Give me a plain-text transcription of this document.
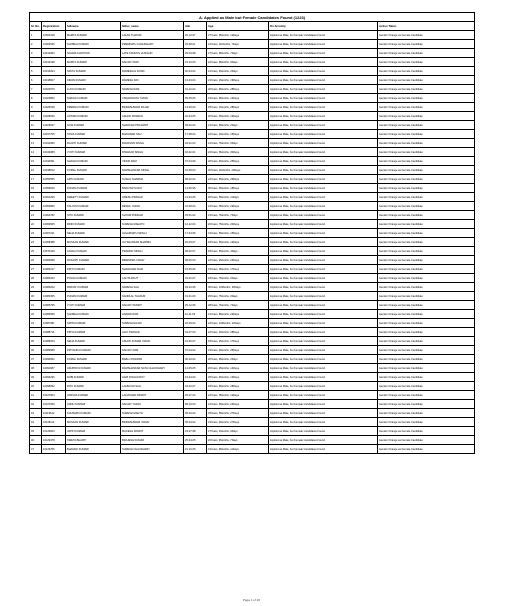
A. Applied as Male but Female Candidates Found (1223)							
Sl. No.	Registration	fullname	father_name	dob	Age	On Scrutiny	Action Taken
1	10004318	MAMTA KUMARI	LALAN THAKUR	20-12-97	27Years, 9Months, 12Days	Applied as Male, but Female Candidates Found	Gender Change as Female Candidate
2	10004645	SHOBHA KUMARI	PREMNATH CHAUDHARY	29-08-01	21Years, 11Months, 7Days	Applied as Male, but Female Candidates Found	Gender Change as Female Candidate
3	10012993	NAGMA KHATOON	LATE TAFZZUL HUSSAIN	25-03-98	27Years, 9Months, 7Days	Applied as Male, but Female Candidates Found	Gender Change as Female Candidate
4	10013198	MAMTA KUMARI	SANJAY PURI	15-10-00	22Years, 9Months, 9Days	Applied as Male, but Female Candidates Found	Gender Change as Female Candidate
5	10013294	NIKITA KUMARI	RAMESHAL DOND	30-04-04	21Years, 4Months, 2Days	Applied as Male, but Female Candidates Found	Gender Change as Female Candidate
6	10018607	KIRAN KUMARI	RAMESH RAY	13-03-04	21Years, 1Months, 19Days	Applied as Male, but Female Candidates Found	Gender Change as Female Candidate
7	10022570	LUCKI KUMARI	NARESH RAM	01-12-02	20Years, 9Months, 28Days	Applied as Male, but Female Candidates Found	Gender Change as Female Candidate
8	10023852	SHIKHA KUMARI	VISHWANATH YADAV	05-05-06	19Years, 9Months, 14Days	Applied as Male, but Female Candidates Found	Gender Change as Female Candidate
9	10025648	PRERNA KUMARI	BINDESHWARI RAJAK	14-06-00	25Years, 1Months, 28Days	Applied as Male, but Female Candidates Found	Gender Change as Female Candidate
10	10028630	ANTIMA KUMARI	ASHOK PASWAN	20-04-05	20Years, 3Months, 12Days	Applied as Male, but Female Candidates Found	Gender Change as Female Candidate
11	10029647	SONI KUMARI	SHANKAR PRAJAPAT	09-02-04	21Years, 6Months, 2Days	Applied as Male, but Female Candidates Found	Gender Change as Female Candidate
12	10037705	TANIA KUMARI	BHAGWAN SAH	17-08-04	22Years, 1Months, 15Days	Applied as Male, but Female Candidates Found	Gender Change as Female Candidate
13	10041083	RAJJITI KUMARI	RAMJIVAN SINGH	26-01-03	21Years, 7Months, 6Days	Applied as Male, but Female Candidates Found	Gender Change as Female Candidate
14	10043089	JYOTI KUMARI	DIWAKAR SINGH	02-02-01	22Years, 6Months, 30Days	Applied as Male, but Female Candidates Found	Gender Change as Female Candidate
15	10044991	SHASHI KUMARI	VINOD RAM	07-04-99	26Years, 4Months, 25Days	Applied as Male, but Female Candidates Found	Gender Change as Female Candidate
16	10048812	KOMAL KUMARI	RAMSHANKAR SINGH	10-08-04	20Years, 11Months, 22Days	Applied as Male, but Female Candidates Found	Gender Change as Female Candidate
17	10050555	ARTI KUMARI	SUSHIL SHARMA	05-02-02	22Years, 6Months, 26Days	Applied as Male, but Female Candidates Found	Gender Change as Female Candidate
18	10059629	PUNAM KUMARI	BAIDYANTH RAY	14-05-95	30Years, 3Months, 18Days	Applied as Male, but Female Candidates Found	Gender Change as Female Candidate
19	10061299	SWEETY KUMARI	UMESH PRASAD	21-03-05	20Years, 5Months, 11Days	Applied as Male, but Female Candidates Found	Gender Change as Female Candidate
20	10063856	KALYANI KUMARI	REWAL YADAV	10-08-04	21Years, 0Months, 22Days	Applied as Male, but Female Candidates Found	Gender Change as Female Candidate
21	10064782	NITU KUMARI	SHYAM PODDAR	25-01-02	23Years, 7Months, 7Days	Applied as Male, but Female Candidates Found	Gender Change as Female Candidate
22	10066665	RINKI KUMARI	SURESH MAHATO	12-12-04	20Years, 7Months, 20Days	Applied as Male, but Female Candidates Found	Gender Change as Female Candidate
23	10067221	NEHA KUMARI	JAGARNATH SINGH	17-04-96	31Years, 5Months, 15Days	Applied as Male, but Female Candidates Found	Gender Change as Female Candidate
24	10068388	MUSKAN KUMARI	JAYSHANKAR SHARMA	20-03-07	18Years, 5Months, 12Days	Applied as Male, but Female Candidates Found	Gender Change as Female Candidate
25	10070349	ANJALI KUMARI	PRAMOD SINGH	28-02-07	18Years, 6Months, 4Days	Applied as Male, but Female Candidates Found	Gender Change as Female Candidate
26	10082998	RASANTI KUMARI	BIRENDRA YADAV	08-06-03	22Years, 2Months, 24Days	Applied as Male, but Female Candidates Found	Gender Change as Female Candidate
27	10083217	PRITI KUMARI	SHANKHAR RAM	15-05-06	19Years, 3Months, 17Days	Applied as Male, but Female Candidates Found	Gender Change as Female Candidate
28	10083253	POOJA KUMARI	LALITA RAUT	01-01-07	18Years, 7Months, 0Days	Applied as Male, but Female Candidates Found	Gender Change as Female Candidate
29	10083262	PARVATI KUMARI	NARESH SAH	03-10-95	30Years, 10Months, 30Days	Applied as Male, but Female Candidates Found	Gender Change as Female Candidate
30	10083356	PUNAM KUMARI	NANDLAL THAKUR	01-01-00	25Years, 7Months, 0Days	Applied as Male, but Female Candidates Found	Gender Change as Female Candidate
31	10083795	JYOTI KUMARI	SANJAY PANDIT	25-12-96	28Years, 7Months, 7Days	Applied as Male, but Female Candidates Found	Gender Change as Female Candidate
32	10086659	SHOBHA KUMARI	ANANDI RAM	10-11-03	21Years, 8Months, 22Days	Applied as Male, but Female Candidates Found	Gender Change as Female Candidate
33	10087081	SMITA KUMARI	SURESH RAJAK	20-09-02	22Years, 10Months, 12Days	Applied as Male, but Female Candidates Found	Gender Change as Female Candidate
34	10088711	PRIYA KUMARI	AJAY PRASAD	04-07-03	22Years, 1Months, 28Days	Applied as Male, but Female Candidates Found	Gender Change as Female Candidate
35	10089034	NEHA KUMARI	ASHOK KUMAR YADAV	15-06-07	18Years, 2Months, 17Days	Applied as Male, but Female Candidates Found	Gender Change as Female Candidate
36	10089589	PRIYANKA KUMARI	SANJAY RAM	07-04-02	23Years, 4Months, 25Days	Applied as Male, but Female Candidates Found	Gender Change as Female Candidate
37	10090952	KOMAL KUMARI	BABLU PASWAN	30-10-04	20Years, 9Months, 2Days	Applied as Male, but Female Candidates Found	Gender Change as Female Candidate
38	10091687	ANUPRIYA KUMARI	RAMSHANKAR NATH CHAUDHARY	14-05-05	20Years, 2Months, 14Days	Applied as Male, but Female Candidates Found	Gender Change as Female Candidate
39	10093236	RUBI KUMARI	HARI KISHAN ROY	19-04-00	25Years, 4Months, 13Days	Applied as Male, but Female Candidates Found	Gender Change as Female Candidate
40	10098092	RITU KUMARI	LALBUCHI SAH	04-02-07	18Years, 6Months, 28Days	Applied as Male, but Female Candidates Found	Gender Change as Female Candidate
41	10107864	VARSHA KUMARI	LALMOHAN PANDIT	20-07-03	22Years, 0Months, 12Days	Applied as Male, but Female Candidates Found	Gender Change as Female Candidate
42	10107569	ANNU KUMARI	SANJAY YADAV	08-10-03	21Years, 9Months, 24Days	Applied as Male, but Female Candidates Found	Gender Change as Female Candidate
43	10119512	KHUSHBU KUMARI	SURESH MAHTO	05-03-00	25Years, 5Months, 27Days	Applied as Male, but Female Candidates Found	Gender Change as Female Candidate
44	10128112	MUSKAN KUMARI	BINDESHWARI YADAV	05-04-02	23Years, 4Months, 27Days	Applied as Male, but Female Candidates Found	Gender Change as Female Candidate
45	10129003	VAPPI KUMARI	MUKESH PANDIT	23-07-98	27Years, 1Months, 9Days	Applied as Male, but Female Candidates Found	Gender Change as Female Candidate
46	10129478	SWETA BHARTI	BRAJESH KUMAR	25-04-05	20Years, 4Months, 7Days	Applied as Male, but Female Candidates Found	Gender Change as Female Candidate
47	10129756	BHAVANI KUMARI	SURESH CHAUDHARY	21-10-05	19Years, 9Months, 11Days	Applied as Male, but Female Candidates Found	Gender Change as Female Candidate
Page 1 of 26
